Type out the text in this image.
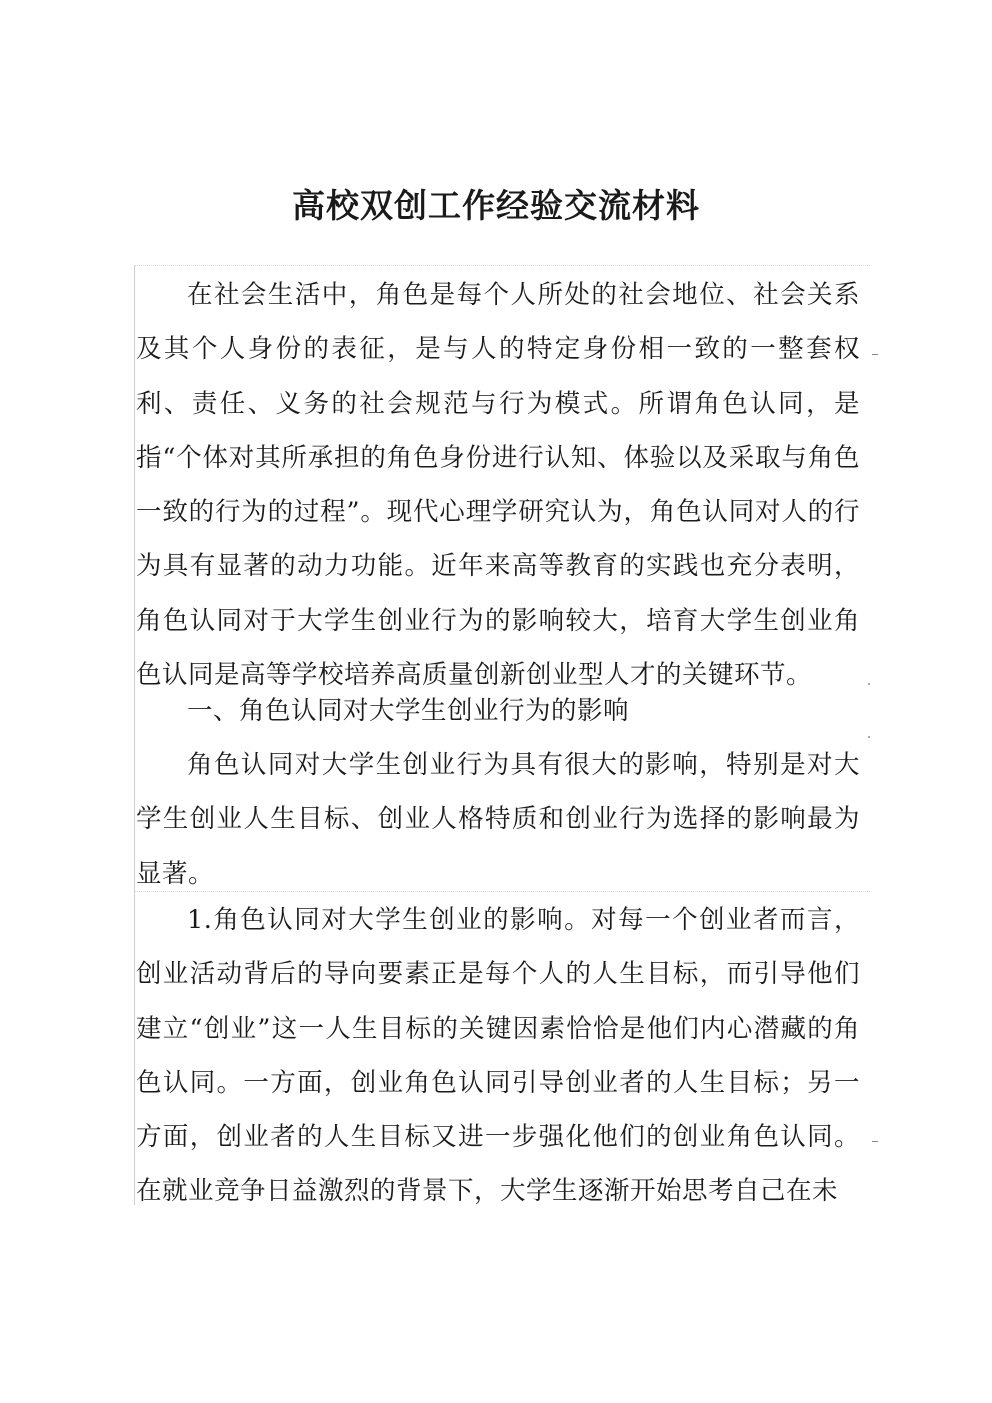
高校双创工作经验交流材料

在社会生活中，角色是每个人所处的社会地位、社会关系及其个人身份的表征，是与人的特定身份相一致的一整套权利、责任、义务的社会规范与行为模式。所谓角色认同，是指“个体对其所承担的角色身份进行认知、体验以及采取与角色一致的行为的过程”。现代心理学研究认为，角色认同对人的行为具有显著的动力功能。近年来高等教育的实践也充分表明，角色认同对于大学生创业行为的影响较大，培育大学生创业角色认同是高等学校培养高质量创新创业型人才的关键环节。

一、角色认同对大学生创业行为的影响

角色认同对大学生创业行为具有很大的影响，特别是对大学生创业人生目标、创业人格特质和创业行为选择的影响最为显著。

1.角色认同对大学生创业的影响。对每一个创业者而言，创业活动背后的导向要素正是每个人的人生目标，而引导他们建立“创业”这一人生目标的关键因素恰恰是他们内心潜藏的角色认同。一方面，创业角色认同引导创业者的人生目标；另一方面，创业者的人生目标又进一步强化他们的创业角色认同。在就业竞争日益激烈的背景下，大学生逐渐开始思考自己在未
